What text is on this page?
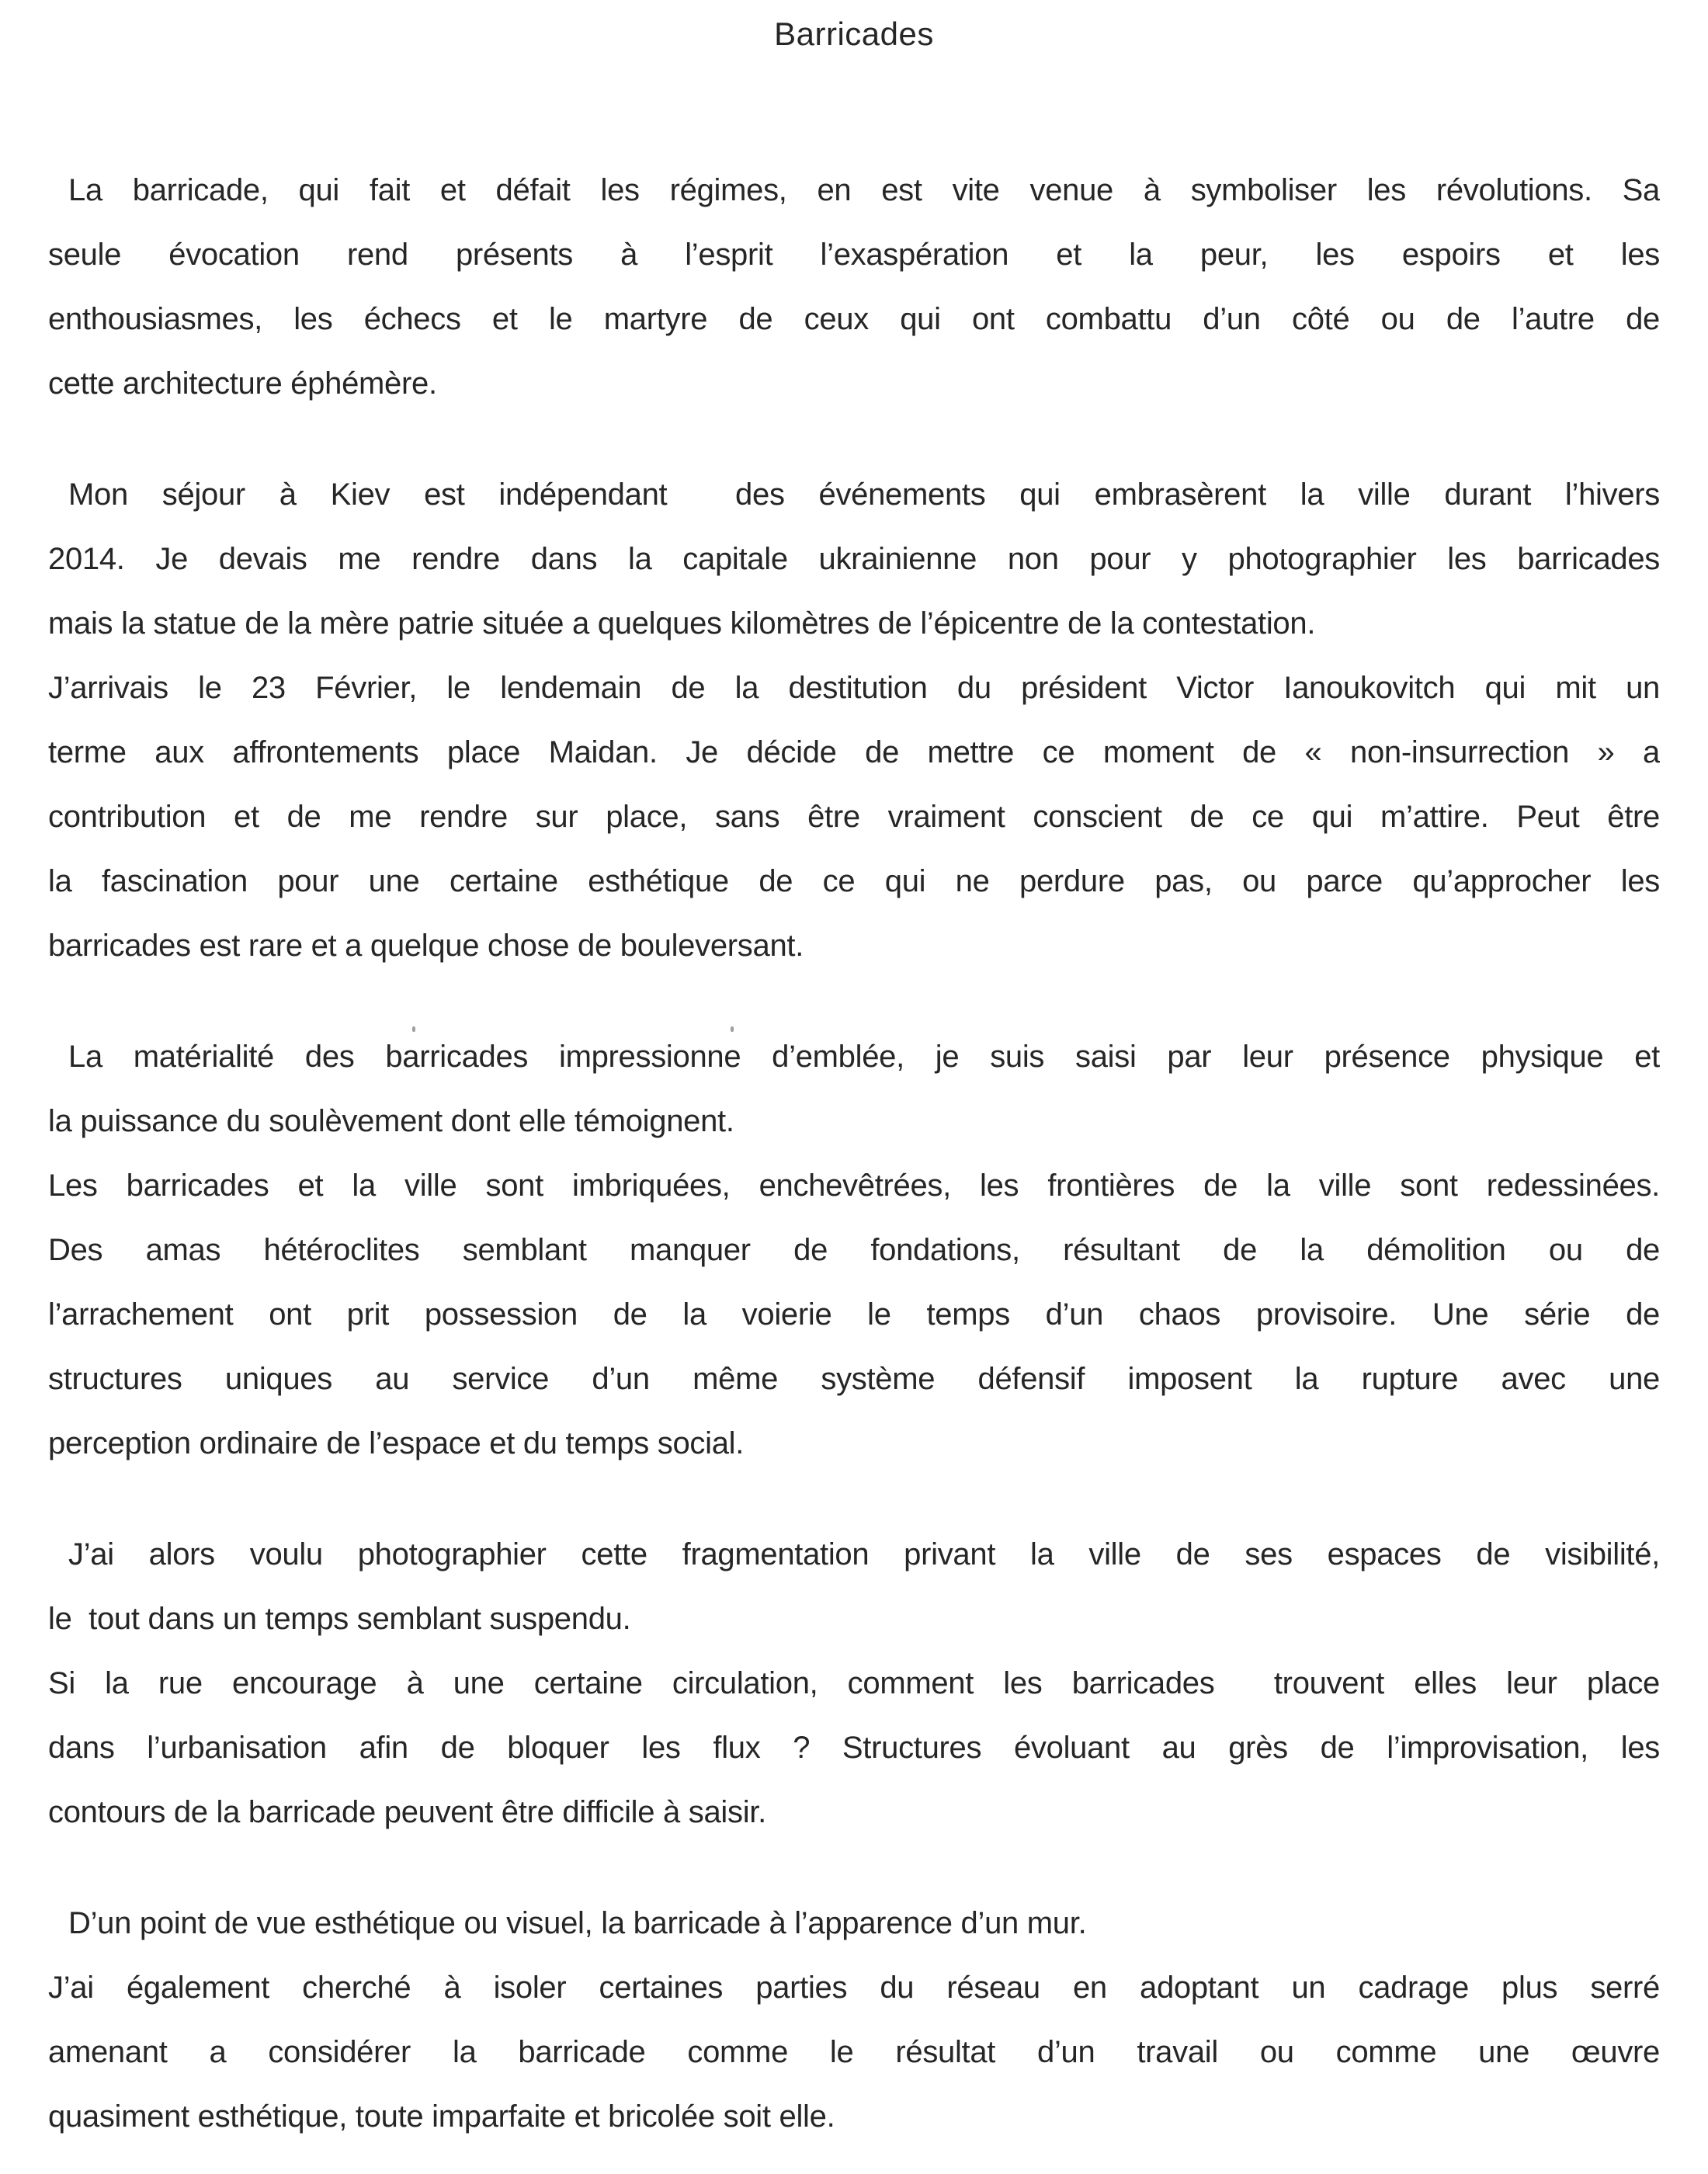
Barricades
La barricade, qui fait et défait les régimes, en est vite venue à symboliser les révolutions. Sa
seule évocation rend présents à l’esprit l’exaspération et la peur, les espoirs et les
enthousiasmes, les échecs et le martyre de ceux qui ont combattu d’un côté ou de l’autre de
cette architecture éphémère.
Mon séjour à Kiev est indépendant  des événements qui embrasèrent la ville durant l’hivers
2014. Je devais me rendre dans la capitale ukrainienne non pour y photographier les barricades
mais la statue de la mère patrie située a quelques kilomètres de l’épicentre de la contestation.
J’arrivais le 23 Février, le lendemain de la destitution du président Victor Ianoukovitch qui mit un
terme aux affrontements place Maidan. Je décide de mettre ce moment de « non-insurrection » a
contribution et de me rendre sur place, sans être vraiment conscient de ce qui m’attire. Peut être
la fascination pour une certaine esthétique de ce qui ne perdure pas, ou parce qu’approcher les
barricades est rare et a quelque chose de bouleversant.
La matérialité des barricades impressionne d’emblée, je suis saisi par leur présence physique et
la puissance du soulèvement dont elle témoignent.
Les barricades et la ville sont imbriquées, enchevêtrées, les frontières de la ville sont redessinées.
Des amas hétéroclites semblant manquer de fondations, résultant de la démolition ou de
l’arrachement ont prit possession de la voierie le temps d’un chaos provisoire. Une série de
structures uniques au service d’un même système défensif imposent la rupture avec une
perception ordinaire de l’espace et du temps social.
J’ai alors voulu photographier cette fragmentation privant la ville de ses espaces de visibilité,
le  tout dans un temps semblant suspendu.
Si la rue encourage à une certaine circulation, comment les barricades  trouvent elles leur place
dans l’urbanisation afin de bloquer les flux ? Structures évoluant au grès de l’improvisation, les
contours de la barricade peuvent être difficile à saisir.
D’un point de vue esthétique ou visuel, la barricade à l’apparence d’un mur.
J’ai également cherché à isoler certaines parties du réseau en adoptant un cadrage plus serré
amenant a considérer la barricade comme le résultat d’un travail ou comme une œuvre
quasiment esthétique, toute imparfaite et bricolée soit elle.
